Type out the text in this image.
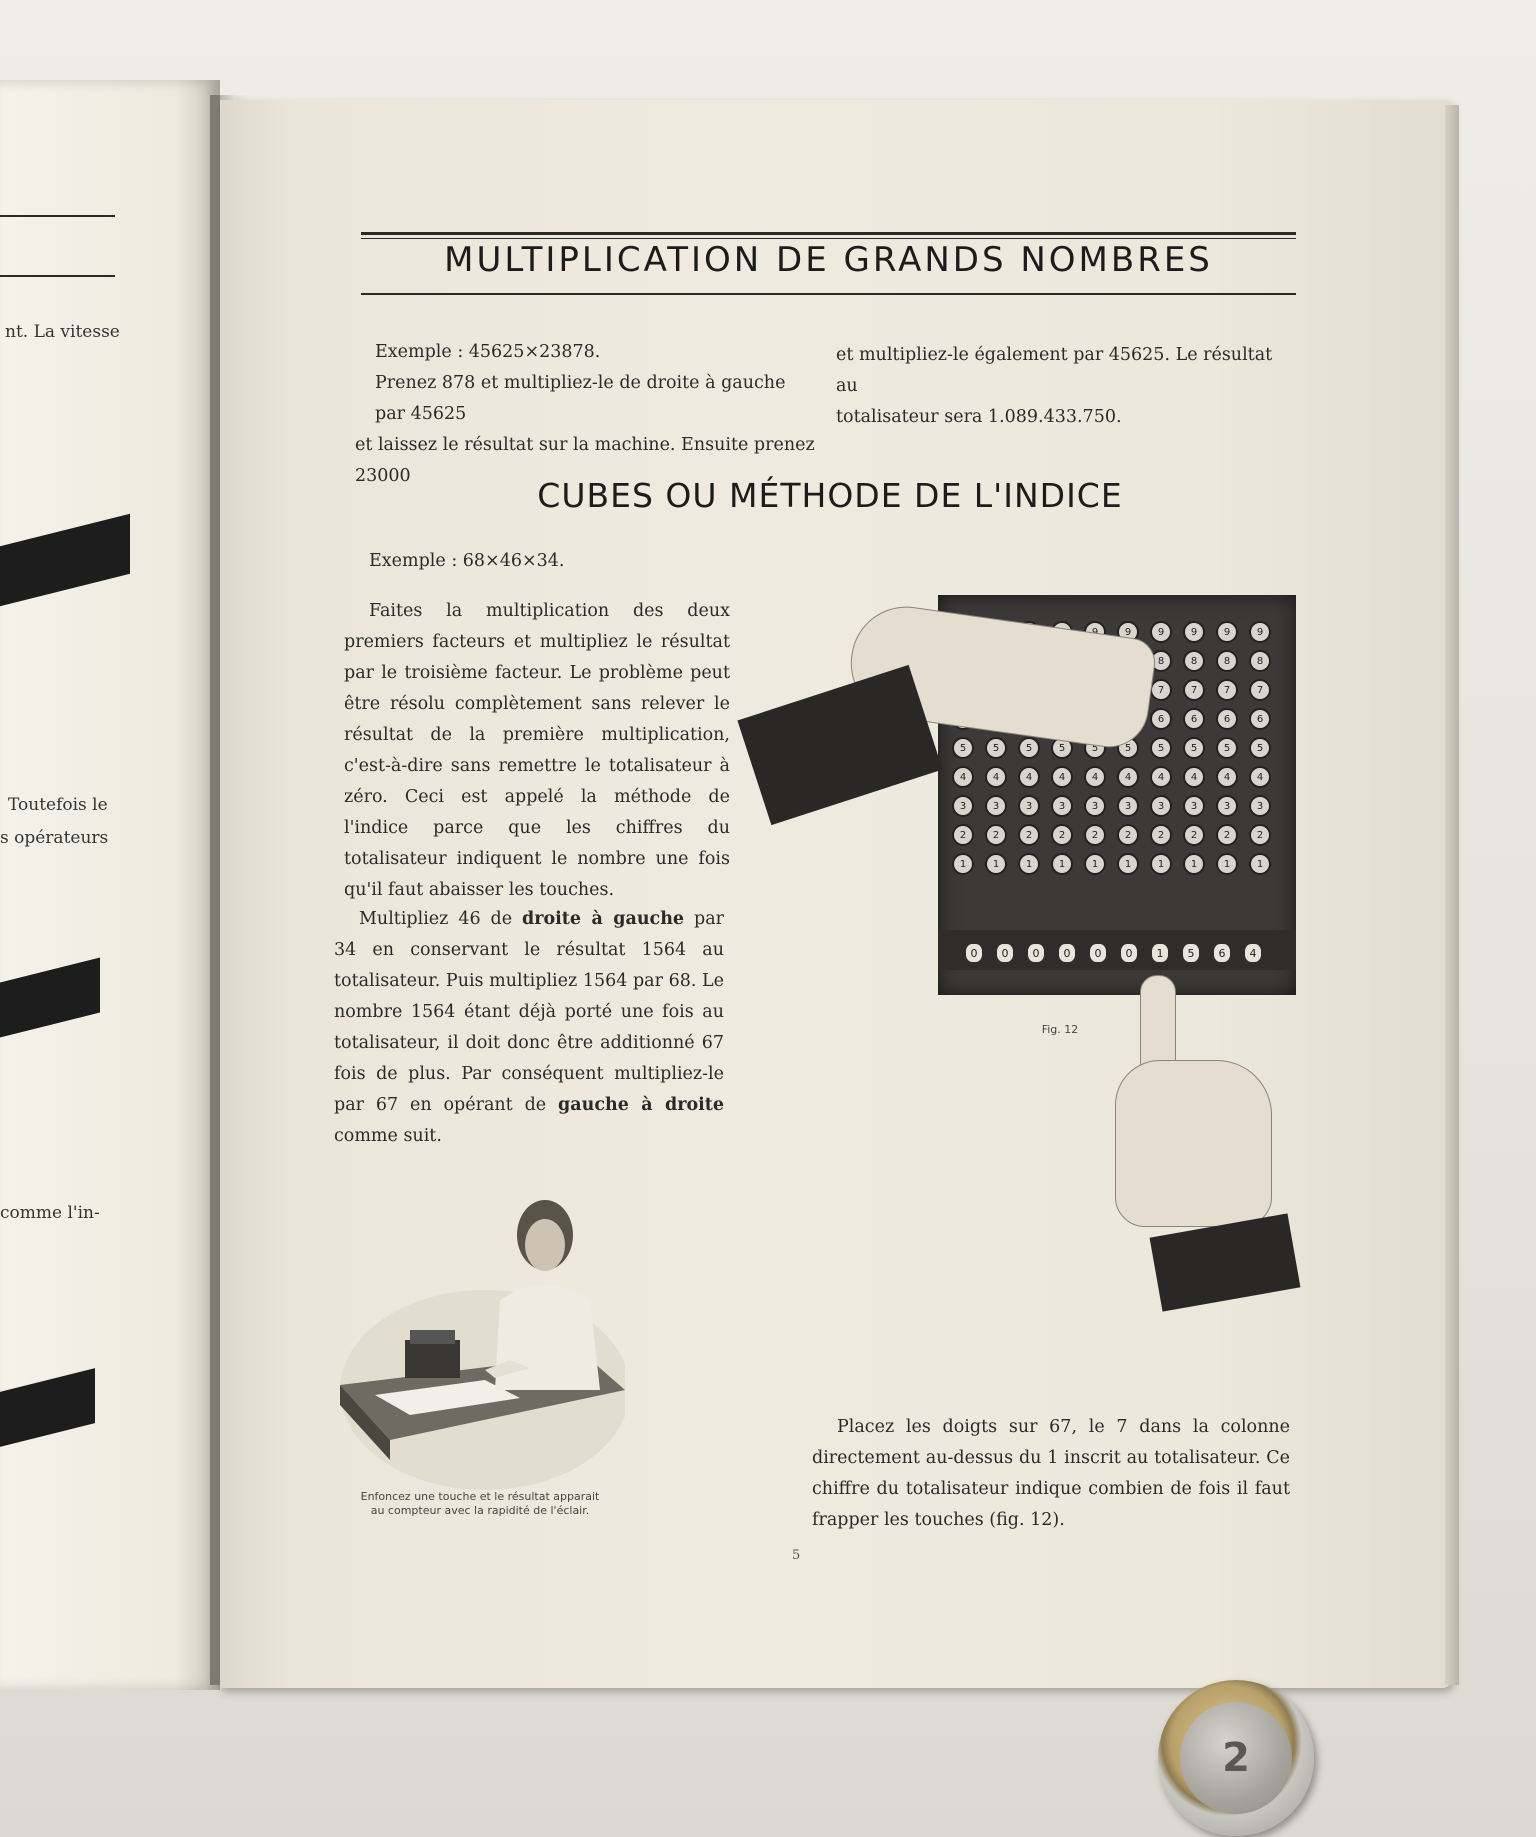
nt. La vitesse
Toutefois le
s opérateurs
comme l'in-
MULTIPLICATION DE GRANDS NOMBRES
Exemple : 45625×23878.
Prenez 878 et multipliez-le de droite à gauche par 45625
et laissez le résultat sur la machine. Ensuite prenez 23000
et multipliez-le également par 45625. Le résultat au
totalisateur sera 1.089.433.750.
CUBES OU MÉTHODE DE L'INDICE
Exemple : 68×46×34.
Faites la multiplication des deux premiers facteurs et multipliez le résultat par le troisième facteur. Le problème peut être résolu complètement sans relever le résultat de la première multiplication, c'est-à-dire sans remettre le totalisateur à zéro. Ceci est appelé la méthode de l'indice parce que les chiffres du totalisateur indiquent le nombre une fois qu'il faut abaisser les touches.
Multipliez 46 de droite à gauche par 34 en conservant le résultat 1564 au totalisateur. Puis multipliez 1564 par 68. Le nombre 1564 étant déjà porté une fois au totalisateur, il doit donc être additionné 67 fois de plus. Par conséquent multipliez-le par 67 en opérant de gauche à droite comme suit.
9	9	9	9	9
8	8	8	8
7	7	7	7
6	6	6	6
5	5	5	5	5	5	5	5	5	5
4	4	4	4	4	4	4	4	4	4
3	3	3	3	3	3	3	3	3	3
2	2	2	2	2	2	2	2	2	2
1	1	1	1	1	1	1	1	1	1
0	0	0	0	0	0	1	5	6	4
Fig. 12
Enfoncez une touche et le résultat apparait
au compteur avec la rapidité de l'éclair.
Placez les doigts sur 67, le 7 dans la colonne directement au-dessus du 1 inscrit au totalisateur. Ce chiffre du totalisateur indique combien de fois il faut frapper les touches (fig. 12).
5
2
